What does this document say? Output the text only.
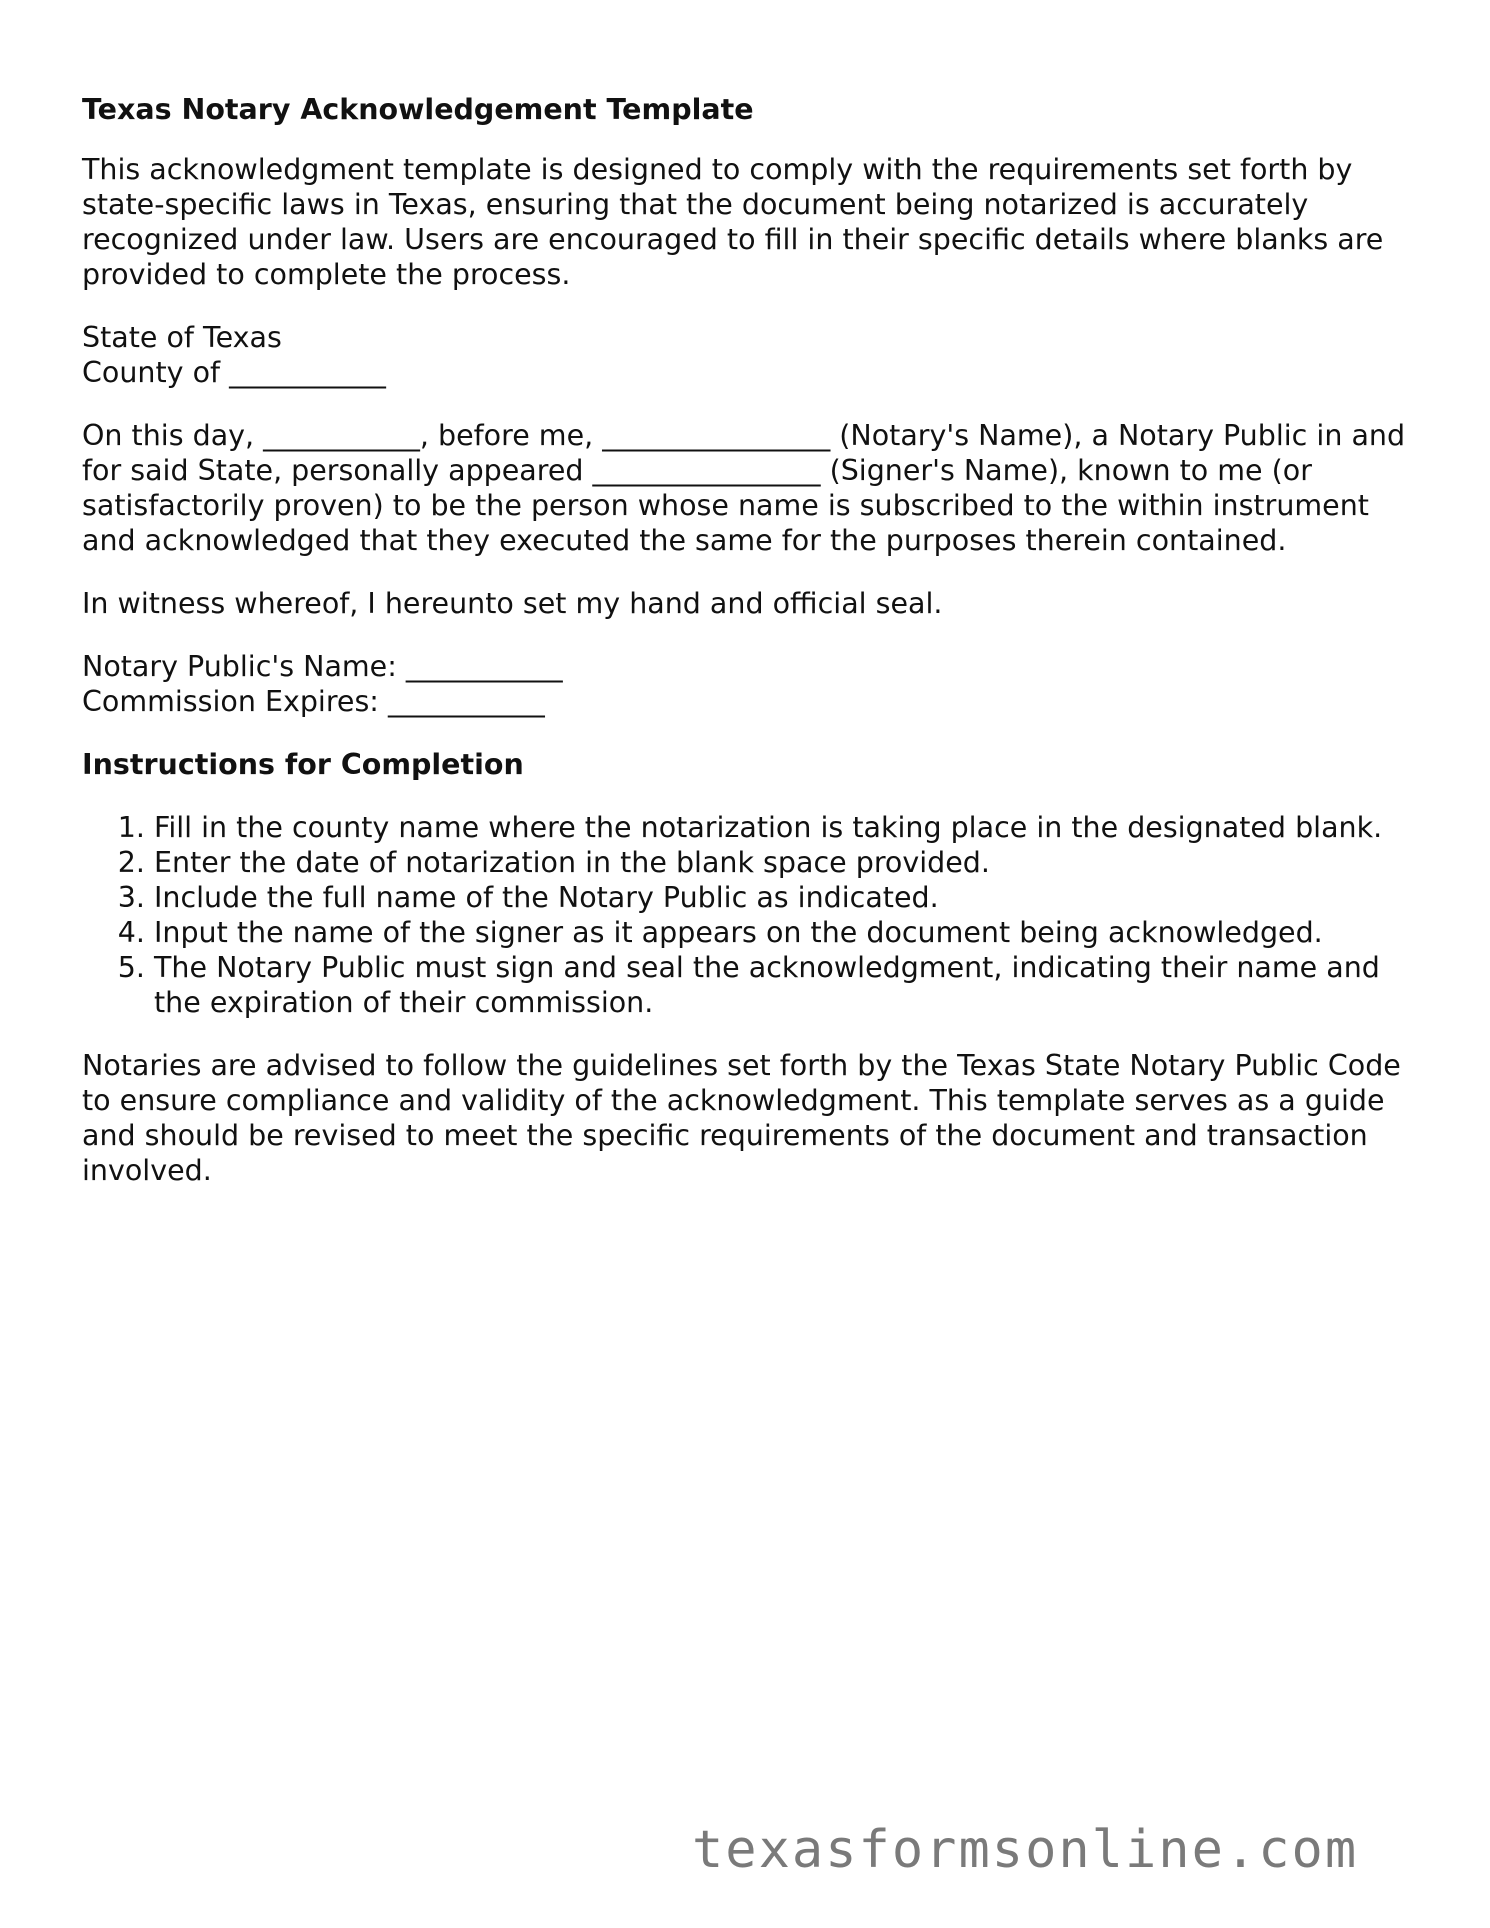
Texas Notary Acknowledgement Template

This acknowledgment template is designed to comply with the requirements set forth by state-specific laws in Texas, ensuring that the document being notarized is accurately recognized under law. Users are encouraged to fill in their specific details where blanks are provided to complete the process.

State of Texas
County of ___________

On this day, ___________, before me, ________________ (Notary's Name), a Notary Public in and for said State, personally appeared ________________ (Signer's Name), known to me (or satisfactorily proven) to be the person whose name is subscribed to the within instrument and acknowledged that they executed the same for the purposes therein contained.

In witness whereof, I hereunto set my hand and official seal.

Notary Public's Name: ___________
Commission Expires: ___________

Instructions for Completion
1. Fill in the county name where the notarization is taking place in the designated blank.
2. Enter the date of notarization in the blank space provided.
3. Include the full name of the Notary Public as indicated.
4. Input the name of the signer as it appears on the document being acknowledged.
5. The Notary Public must sign and seal the acknowledgment, indicating their name and the expiration of their commission.

Notaries are advised to follow the guidelines set forth by the Texas State Notary Public Code to ensure compliance and validity of the acknowledgment. This template serves as a guide and should be revised to meet the specific requirements of the document and transaction involved.

texasformsonline.com
